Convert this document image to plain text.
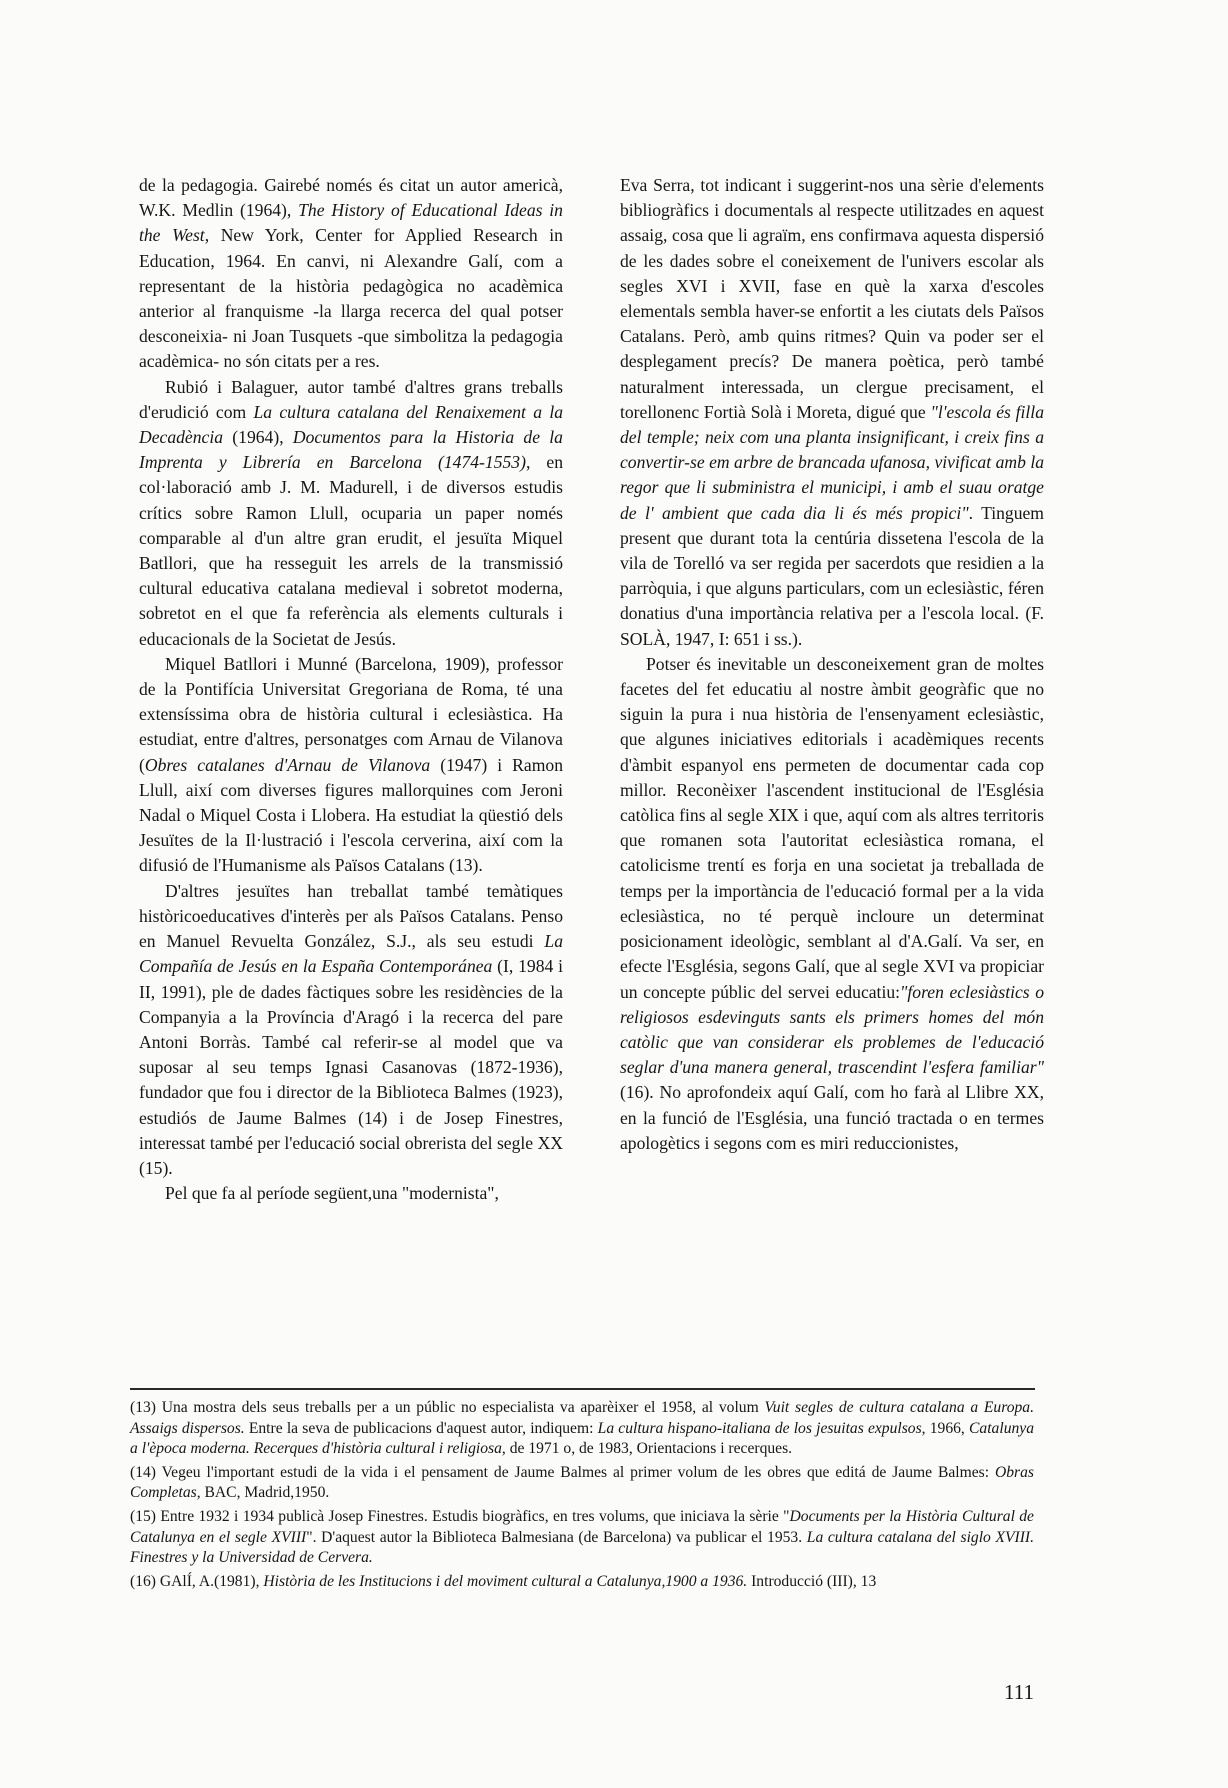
de la pedagogia. Gairebé només és citat un autor americà, W.K. Medlin (1964), The History of Educational Ideas in the West, New York, Center for Applied Research in Education, 1964. En canvi, ni Alexandre Galí, com a representant de la història pedagògica no acadèmica anterior al franquisme -la llarga recerca del qual potser desconeixia- ni Joan Tusquets -que simbolitza la pedagogia acadèmica- no són citats per a res.

Rubió i Balaguer, autor també d'altres grans treballs d'erudició com La cultura catalana del Renaixement a la Decadència (1964), Documentos para la Historia de la Imprenta y Librería en Barcelona (1474-1553), en col·laboració amb J. M. Madurell, i de diversos estudis crítics sobre Ramon Llull, ocuparia un paper només comparable al d'un altre gran erudit, el jesuïta Miquel Batllori, que ha resseguit les arrels de la transmissió cultural educativa catalana medieval i sobretot moderna, sobretot en el que fa referència als elements culturals i educacionals de la Societat de Jesús.

Miquel Batllori i Munné (Barcelona, 1909), professor de la Pontifícia Universitat Gregoriana de Roma, té una extensíssima obra de història cultural i eclesiàstica. Ha estudiat, entre d'altres, personatges com Arnau de Vilanova (Obres catalanes d'Arnau de Vilanova (1947) i Ramon Llull, així com diverses figures mallorquines com Jeroni Nadal o Miquel Costa i Llobera. Ha estudiat la qüestió dels Jesuïtes de la Il·lustració i l'escola cerverina, així com la difusió de l'Humanisme als Països Catalans (13).

D'altres jesuïtes han treballat també temàtiques històricoeducatives d'interès per als Països Catalans. Penso en Manuel Revuelta González, S.J., als seu estudi La Compañía de Jesús en la España Contemporánea (I, 1984 i II, 1991), ple de dades fàctiques sobre les residències de la Companyia a la Província d'Aragó i la recerca del pare Antoni Borràs. També cal referir-se al model que va suposar al seu temps Ignasi Casanovas (1872-1936), fundador que fou i director de la Biblioteca Balmes (1923), estudiós de Jaume Balmes (14) i de Josep Finestres, interessat també per l'educació social obrerista del segle XX (15).

Pel que fa al període següent,una "modernista",

Eva Serra, tot indicant i suggerint-nos una sèrie d'elements bibliogràfics i documentals al respecte utilitzades en aquest assaig, cosa que li agraïm, ens confirmava aquesta dispersió de les dades sobre el coneixement de l'univers escolar als segles XVI i XVII, fase en què la xarxa d'escoles elementals sembla haver-se enfortit a les ciutats dels Països Catalans. Però, amb quins ritmes? Quin va poder ser el desplegament precís? De manera poètica, però també naturalment interessada, un clergue precisament, el torellonenc Fortià Solà i Moreta, digué que "l'escola és filla del temple; neix com una planta insignificant, i creix fins a convertir-se em arbre de brancada ufanosa, vivificat amb la regor que li subministra el municipi, i amb el suau oratge de l' ambient que cada dia li és més propici". Tinguem present que durant tota la centúria dissetena l'escola de la vila de Torelló va ser regida per sacerdots que residien a la parròquia, i que alguns particulars, com un eclesiàstic, féren donatius d'una importància relativa per a l'escola local. (F. SOLÀ, 1947, I: 651 i ss.).

Potser és inevitable un desconeixement gran de moltes facetes del fet educatiu al nostre àmbit geogràfic que no siguin la pura i nua història de l'ensenyament eclesiàstic, que algunes iniciatives editorials i acadèmiques recents d'àmbit espanyol ens permeten de documentar cada cop millor. Reconèixer l'ascendent institucional de l'Església catòlica fins al segle XIX i que, aquí com als altres territoris que romanen sota l'autoritat eclesiàstica romana, el catolicisme trentí es forja en una societat ja treballada de temps per la importància de l'educació formal per a la vida eclesiàstica, no té perquè incloure un determinat posicionament ideològic, semblant al d'A.Galí. Va ser, en efecte l'Església, segons Galí, que al segle XVI va propiciar un concepte públic del servei educatiu:"foren eclesiàstics o religiosos esdevinguts sants els primers homes del món catòlic que van considerar els problemes de l'educació seglar d'una manera general, trascendint l'esfera familiar" (16). No aprofondeix aquí Galí, com ho farà al Llibre XX, en la funció de l'Església, una funció tractada o en termes apologètics i segons com es miri reduccionistes,

(13) Una mostra dels seus treballs per a un públic no especialista va aparèixer el 1958, al volum Vuit segles de cultura catalana a Europa. Assaigs dispersos. Entre la seva de publicacions d'aquest autor, indiquem: La cultura hispano-italiana de los jesuitas expulsos, 1966, Catalunya a l'època moderna. Recerques d'història cultural i religiosa, de 1971 o, de 1983, Orientacions i recerques.

(14) Vegeu l'important estudi de la vida i el pensament de Jaume Balmes al primer volum de les obres que editá de Jaume Balmes: Obras Completas, BAC, Madrid,1950.

(15) Entre 1932 i 1934 publicà Josep Finestres. Estudis biogràfics, en tres volums, que iniciava la sèrie "Documents per la Història Cultural de Catalunya en el segle XVIII". D'aquest autor la Biblioteca Balmesiana (de Barcelona) va publicar el 1953. La cultura catalana del siglo XVIII. Finestres y la Universidad de Cervera.

(16) GAlÍ, A.(1981), Història de les Institucions i del moviment cultural a Catalunya,1900 a 1936. Introducció (III), 13

111
